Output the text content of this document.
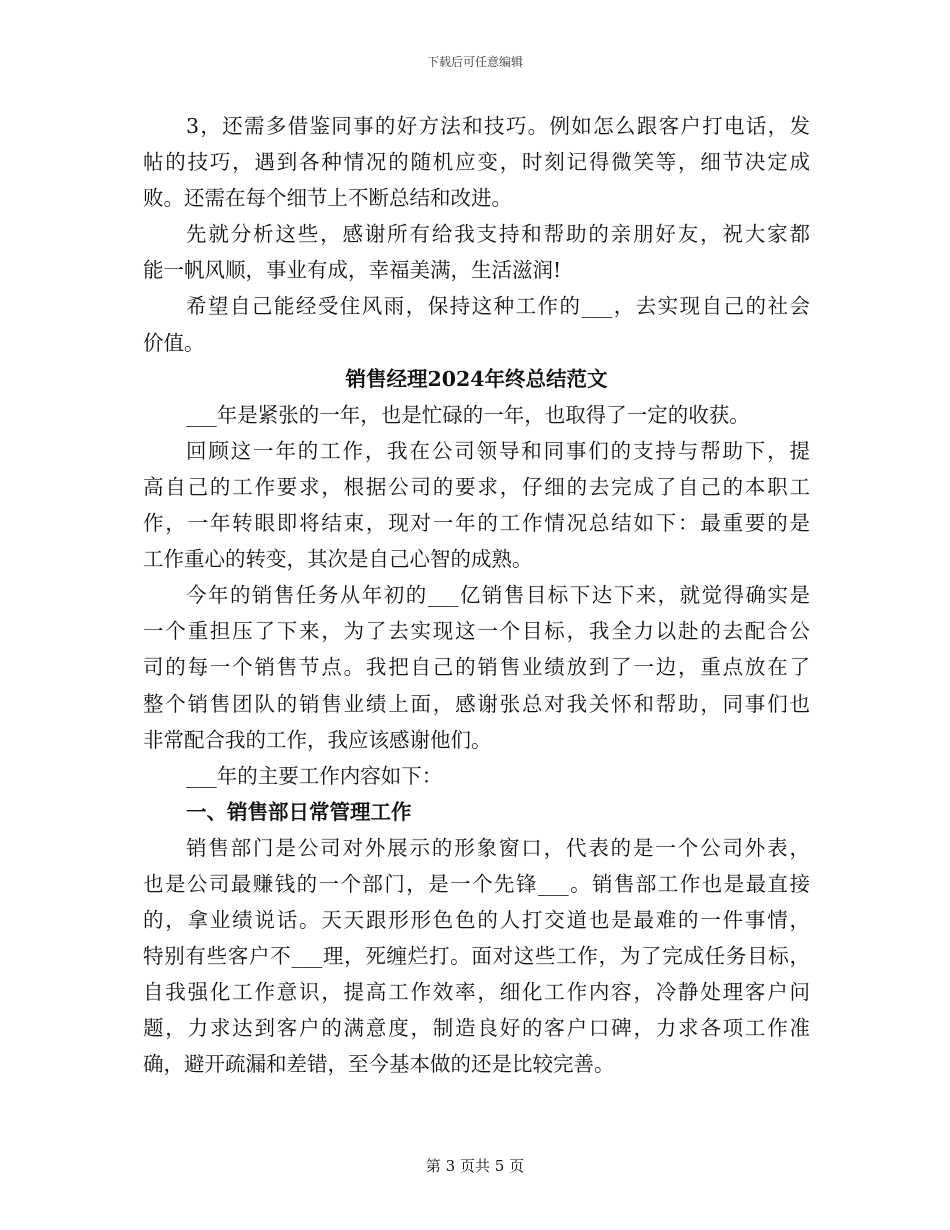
下载后可任意编辑
3，还需多借鉴同事的好方法和技巧。例如怎么跟客户打电话，发
帖的技巧，遇到各种情况的随机应变，时刻记得微笑等，细节决定成
败。还需在每个细节上不断总结和改进。
先就分析这些，感谢所有给我支持和帮助的亲朋好友，祝大家都
能一帆风顺，事业有成，幸福美满，生活滋润!
希望自己能经受住风雨，保持这种工作的___，去实现自己的社会
价值。
销售经理2024年终总结范文
___年是紧张的一年，也是忙碌的一年，也取得了一定的收获。
回顾这一年的工作，我在公司领导和同事们的支持与帮助下，提
高自己的工作要求，根据公司的要求，仔细的去完成了自己的本职工
作，一年转眼即将结束，现对一年的工作情况总结如下：最重要的是
工作重心的转变，其次是自己心智的成熟。
今年的销售任务从年初的___亿销售目标下达下来，就觉得确实是
一个重担压了下来，为了去实现这一个目标，我全力以赴的去配合公
司的每一个销售节点。我把自己的销售业绩放到了一边，重点放在了
整个销售团队的销售业绩上面，感谢张总对我关怀和帮助，同事们也
非常配合我的工作，我应该感谢他们。
___年的主要工作内容如下：
一、销售部日常管理工作
销售部门是公司对外展示的形象窗口，代表的是一个公司外表，
也是公司最赚钱的一个部门，是一个先锋___。销售部工作也是最直接
的，拿业绩说话。天天跟形形色色的人打交道也是最难的一件事情，
特别有些客户不___理，死缠烂打。面对这些工作，为了完成任务目标，
自我强化工作意识，提高工作效率，细化工作内容，冷静处理客户问
题，力求达到客户的满意度，制造良好的客户口碑，力求各项工作准
确，避开疏漏和差错，至今基本做的还是比较完善。
第 3 页共 5 页
